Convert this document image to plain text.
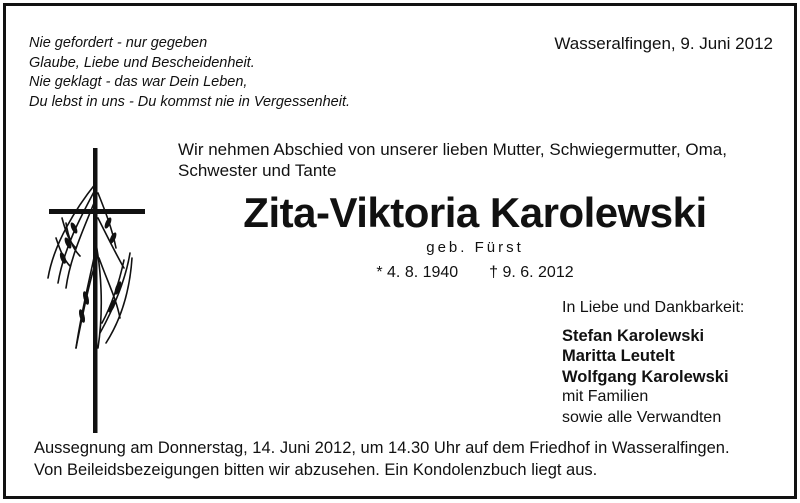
Nie gefordert - nur gegeben
Glaube, Liebe und Bescheidenheit.
Nie geklagt - das war Dein Leben,
Du lebst in uns - Du kommst nie in Vergessenheit.
Wasseralfingen, 9. Juni 2012
Wir nehmen Abschied von unserer lieben Mutter, Schwiegermutter, Oma,
Schwester und Tante
Zita-Viktoria Karolewski
geb. Fürst
* 4. 8. 1940 † 9. 6. 2012
In Liebe und Dankbarkeit:
Stefan Karolewski
Maritta Leutelt
Wolfgang Karolewski
mit Familien
sowie alle Verwandten
Aussegnung am Donnerstag, 14. Juni 2012, um 14.30 Uhr auf dem Friedhof in Wasseralfingen.
Von Beileidsbezeigungen bitten wir abzusehen. Ein Kondolenzbuch liegt aus.
